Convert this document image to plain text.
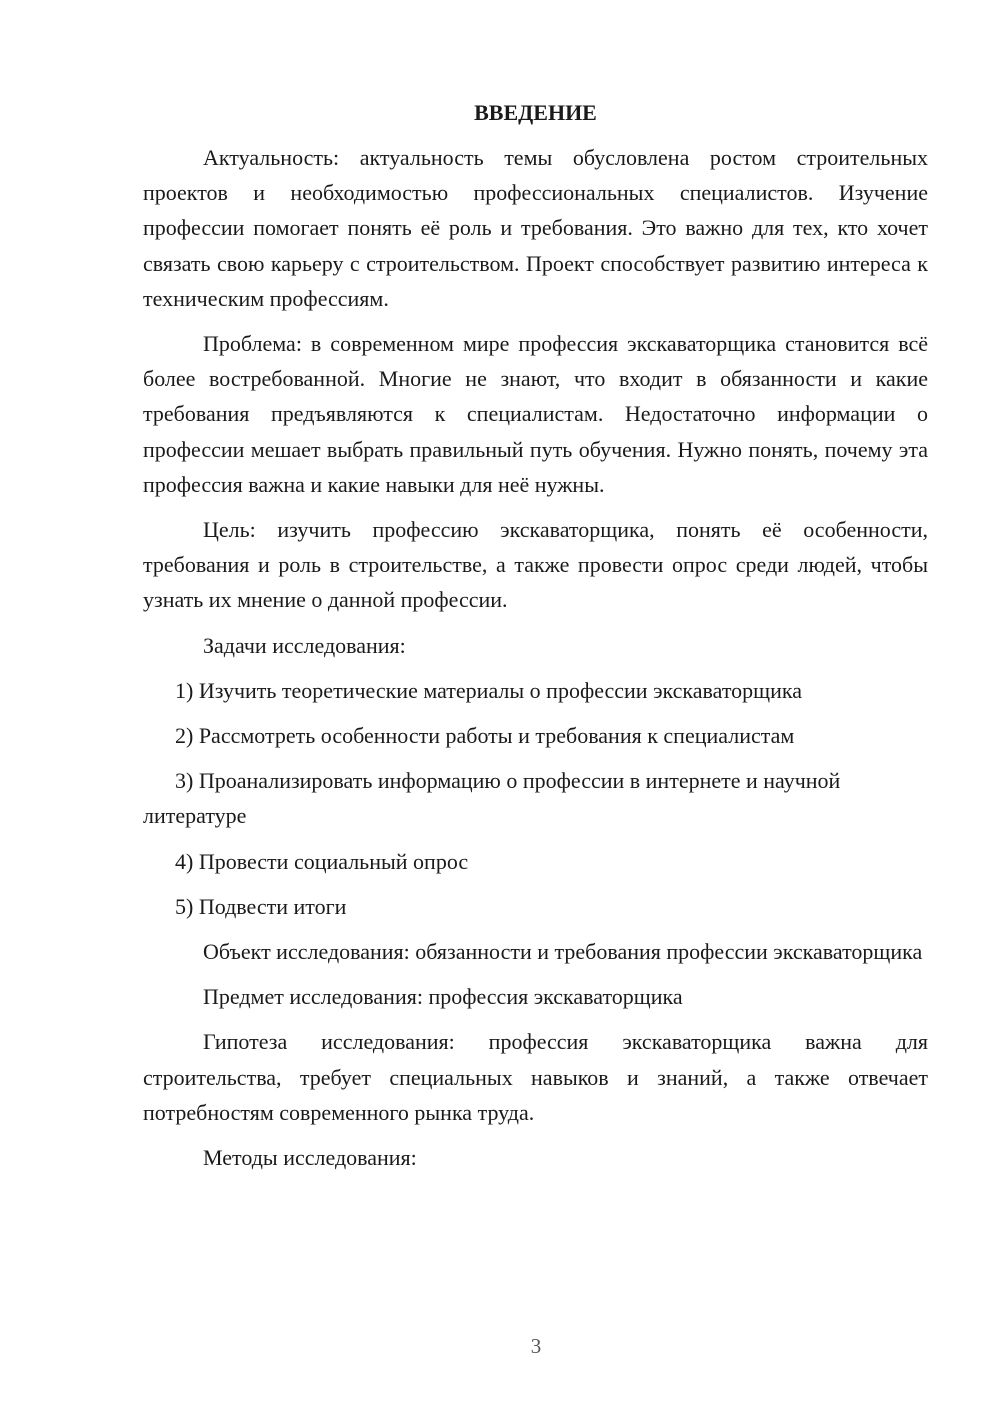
ВВЕДЕНИЕ

Актуальность: актуальность темы обусловлена ростом строительных проектов и необходимостью профессиональных специалистов. Изучение профессии помогает понять её роль и требования. Это важно для тех, кто хочет связать свою карьеру с строительством. Проект способствует развитию интереса к техническим профессиям.

Проблема: в современном мире профессия экскаваторщика становится всё более востребованной. Многие не знают, что входит в обязанности и какие требования предъявляются к специалистам. Недостаточно информации о профессии мешает выбрать правильный путь обучения. Нужно понять, почему эта профессия важна и какие навыки для неё нужны.

Цель: изучить профессию экскаваторщика, понять её особенности, требования и роль в строительстве, а также провести опрос среди людей, чтобы узнать их мнение о данной профессии.

Задачи исследования:

1) Изучить теоретические материалы о профессии экскаваторщика

2) Рассмотреть особенности работы и требования к специалистам

3) Проанализировать информацию о профессии в интернете и научной литературе

4) Провести социальный опрос

5) Подвести итоги

Объект исследования: обязанности и требования профессии экскаваторщика

Предмет исследования: профессия экскаваторщика

Гипотеза исследования: профессия экскаваторщика важна для строительства, требует специальных навыков и знаний, а также отвечает потребностям современного рынка труда.

Методы исследования:

3
